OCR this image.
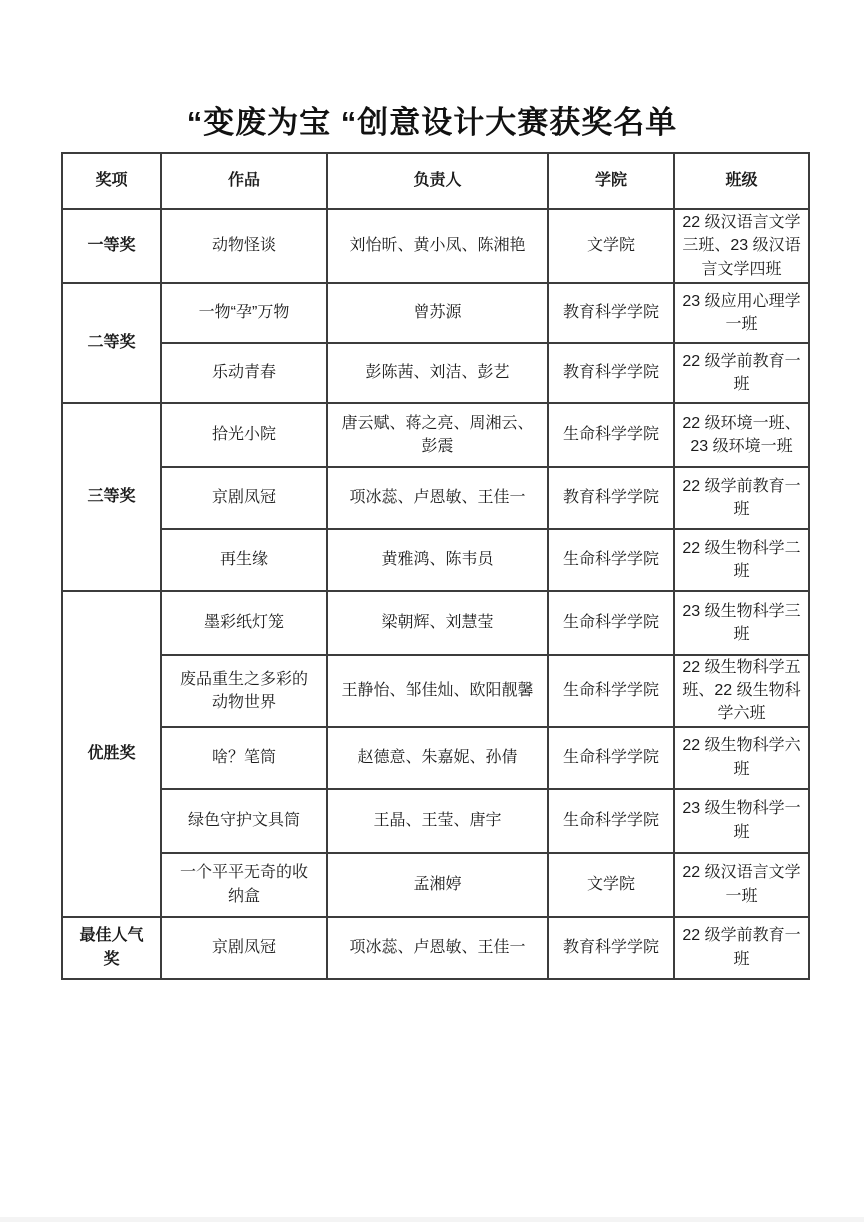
“变废为宝 “创意设计大赛获奖名单
奖项	作品	负责人	学院	班级
一等奖	动物怪谈	刘怡昕、黄小凤、陈湘艳	文学院	22 级汉语言文学三班、23 级汉语言文学四班
二等奖	一物“孕”万物	曾苏源	教育科学学院	23 级应用心理学一班
	乐动青春	彭陈茜、刘洁、彭艺	教育科学学院	22 级学前教育一班
三等奖	拾光小院	唐云赋、蒋之亮、周湘云、彭震	生命科学学院	22 级环境一班、23 级环境一班
	京剧凤冠	项冰蕊、卢恩敏、王佳一	教育科学学院	22 级学前教育一班
	再生缘	黄雅鸿、陈韦员	生命科学学院	22 级生物科学二班
优胜奖	墨彩纸灯笼	梁朝辉、刘慧莹	生命科学学院	23 级生物科学三班
	废品重生之多彩的动物世界	王静怡、邹佳灿、欧阳靓馨	生命科学学院	22 级生物科学五班、22 级生物科学六班
	啥？笔筒	赵德意、朱嘉妮、孙倩	生命科学学院	22 级生物科学六班
	绿色守护文具筒	王晶、王莹、唐宇	生命科学学院	23 级生物科学一班
	一个平平无奇的收纳盒	孟湘婷	文学院	22 级汉语言文学一班
最佳人气奖	京剧凤冠	项冰蕊、卢恩敏、王佳一	教育科学学院	22 级学前教育一班
